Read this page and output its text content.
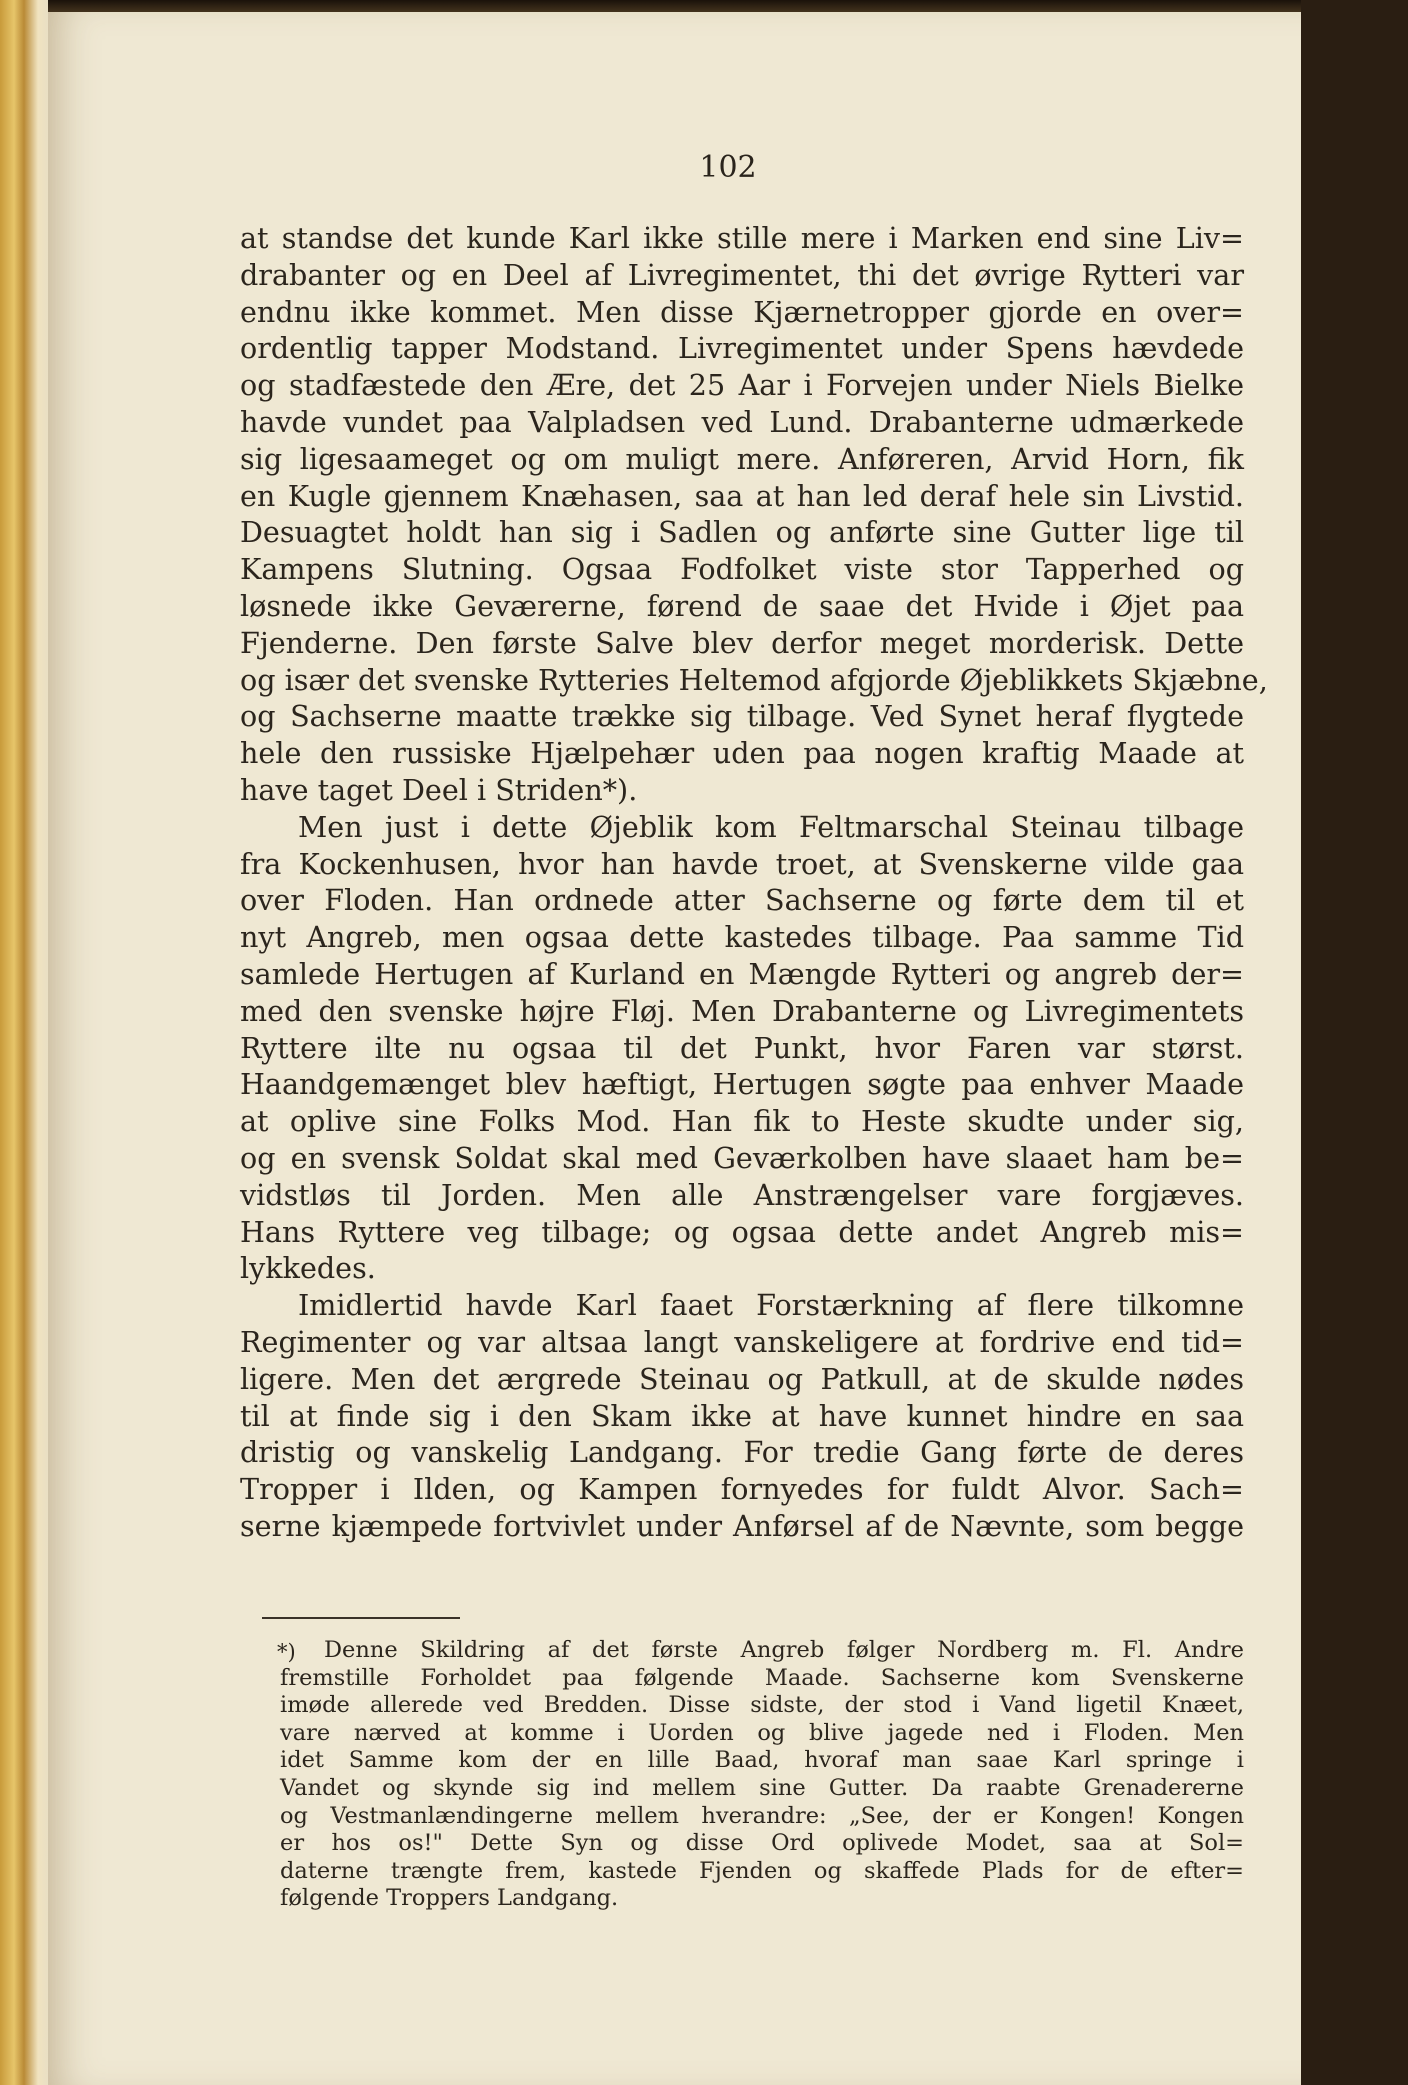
102
at standse det kunde Karl ikke stille mere i Marken end sine Liv=
drabanter og en Deel af Livregimentet, thi det øvrige Rytteri var
endnu ikke kommet. Men disse Kjærnetropper gjorde en over=
ordentlig tapper Modstand. Livregimentet under Spens hævdede
og stadfæstede den Ære, det 25 Aar i Forvejen under Niels Bielke
havde vundet paa Valpladsen ved Lund. Drabanterne udmærkede
sig ligesaameget og om muligt mere. Anføreren, Arvid Horn, fik
en Kugle gjennem Knæhasen, saa at han led deraf hele sin Livstid.
Desuagtet holdt han sig i Sadlen og anførte sine Gutter lige til
Kampens Slutning. Ogsaa Fodfolket viste stor Tapperhed og
løsnede ikke Geværerne, førend de saae det Hvide i Øjet paa
Fjenderne. Den første Salve blev derfor meget morderisk. Dette
og især det svenske Rytteries Heltemod afgjorde Øjeblikkets Skjæbne,
og Sachserne maatte trække sig tilbage. Ved Synet heraf flygtede
hele den russiske Hjælpehær uden paa nogen kraftig Maade at
have taget Deel i Striden*).
Men just i dette Øjeblik kom Feltmarschal Steinau tilbage
fra Kockenhusen, hvor han havde troet, at Svenskerne vilde gaa
over Floden. Han ordnede atter Sachserne og førte dem til et
nyt Angreb, men ogsaa dette kastedes tilbage. Paa samme Tid
samlede Hertugen af Kurland en Mængde Rytteri og angreb der=
med den svenske højre Fløj. Men Drabanterne og Livregimentets
Ryttere ilte nu ogsaa til det Punkt, hvor Faren var størst.
Haandgemænget blev hæftigt, Hertugen søgte paa enhver Maade
at oplive sine Folks Mod. Han fik to Heste skudte under sig,
og en svensk Soldat skal med Geværkolben have slaaet ham be=
vidstløs til Jorden. Men alle Anstrængelser vare forgjæves.
Hans Ryttere veg tilbage; og ogsaa dette andet Angreb mis=
lykkedes.
Imidlertid havde Karl faaet Forstærkning af flere tilkomne
Regimenter og var altsaa langt vanskeligere at fordrive end tid=
ligere. Men det ærgrede Steinau og Patkull, at de skulde nødes
til at finde sig i den Skam ikke at have kunnet hindre en saa
dristig og vanskelig Landgang. For tredie Gang førte de deres
Tropper i Ilden, og Kampen fornyedes for fuldt Alvor. Sach=
serne kjæmpede fortvivlet under Anførsel af de Nævnte, som begge
*)	Denne Skildring af det første Angreb følger Nordberg m. Fl. Andre
fremstille Forholdet paa følgende Maade. Sachserne kom Svenskerne
imøde allerede ved Bredden. Disse sidste, der stod i Vand ligetil Knæet,
vare nærved at komme i Uorden og blive jagede ned i Floden. Men
idet Samme kom der en lille Baad, hvoraf man saae Karl springe i
Vandet og skynde sig ind mellem sine Gutter. Da raabte Grenadererne
og Vestmanlændingerne mellem hverandre: „See, der er Kongen! Kongen
er hos os!" Dette Syn og disse Ord oplivede Modet, saa at Sol=
daterne trængte frem, kastede Fjenden og skaffede Plads for de efter=
følgende Troppers Landgang.
